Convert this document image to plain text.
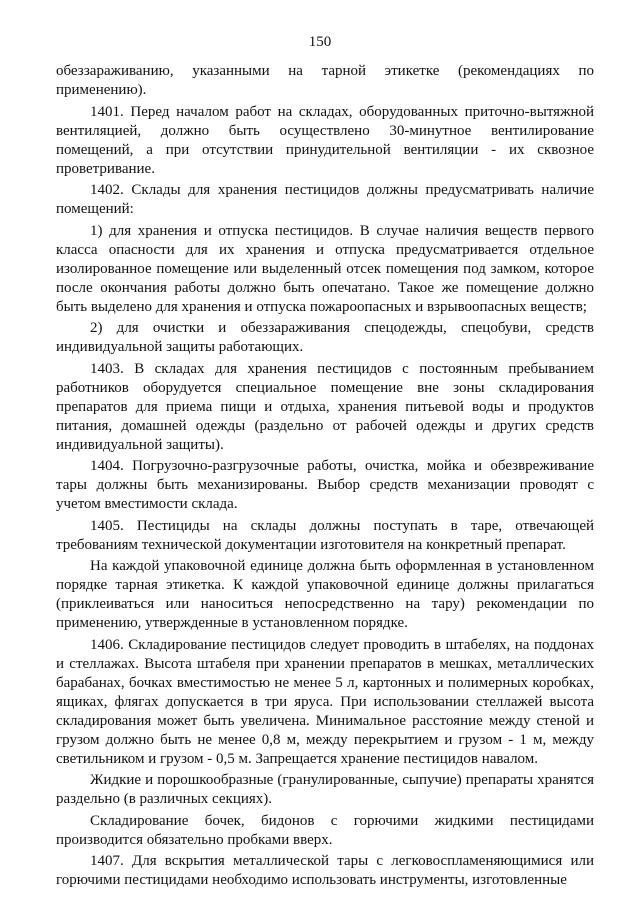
150

обеззараживанию, указанными на тарной этикетке (рекомендациях по применению).

1401. Перед началом работ на складах, оборудованных приточно-вытяжной вентиляцией, должно быть осуществлено 30-минутное вентилирование помещений, а при отсутствии принудительной вентиляции - их сквозное проветривание.

1402. Склады для хранения пестицидов должны предусматривать наличие помещений:

1) для хранения и отпуска пестицидов. В случае наличия веществ первого класса опасности для их хранения и отпуска предусматривается отдельное изолированное помещение или выделенный отсек помещения под замком, которое после окончания работы должно быть опечатано. Такое же помещение должно быть выделено для хранения и отпуска пожароопасных и взрывоопасных веществ;

2) для очистки и обеззараживания спецодежды, спецобуви, средств индивидуальной защиты работающих.

1403. В складах для хранения пестицидов с постоянным пребыванием работников оборудуется специальное помещение вне зоны складирования препаратов для приема пищи и отдыха, хранения питьевой воды и продуктов питания, домашней одежды (раздельно от рабочей одежды и других средств индивидуальной защиты).

1404. Погрузочно-разгрузочные работы, очистка, мойка и обезвреживание тары должны быть механизированы. Выбор средств механизации проводят с учетом вместимости склада.

1405. Пестициды на склады должны поступать в таре, отвечающей требованиям технической документации изготовителя на конкретный препарат.

На каждой упаковочной единице должна быть оформленная в установленном порядке тарная этикетка. К каждой упаковочной единице должны прилагаться (приклеиваться или наноситься непосредственно на тару) рекомендации по применению, утвержденные в установленном порядке.

1406. Складирование пестицидов следует проводить в штабелях, на поддонах и стеллажах. Высота штабеля при хранении препаратов в мешках, металлических барабанах, бочках вместимостью не менее 5 л, картонных и полимерных коробках, ящиках, флягах допускается в три яруса. При использовании стеллажей высота складирования может быть увеличена. Минимальное расстояние между стеной и грузом должно быть не менее 0,8 м, между перекрытием и грузом - 1 м, между светильником и грузом - 0,5 м. Запрещается хранение пестицидов навалом.

Жидкие и порошкообразные (гранулированные, сыпучие) препараты хранятся раздельно (в различных секциях).

Складирование бочек, бидонов с горючими жидкими пестицидами производится обязательно пробками вверх.

1407. Для вскрытия металлической тары с легковоспламеняющимися или горючими пестицидами необходимо использовать инструменты, изготовленные
